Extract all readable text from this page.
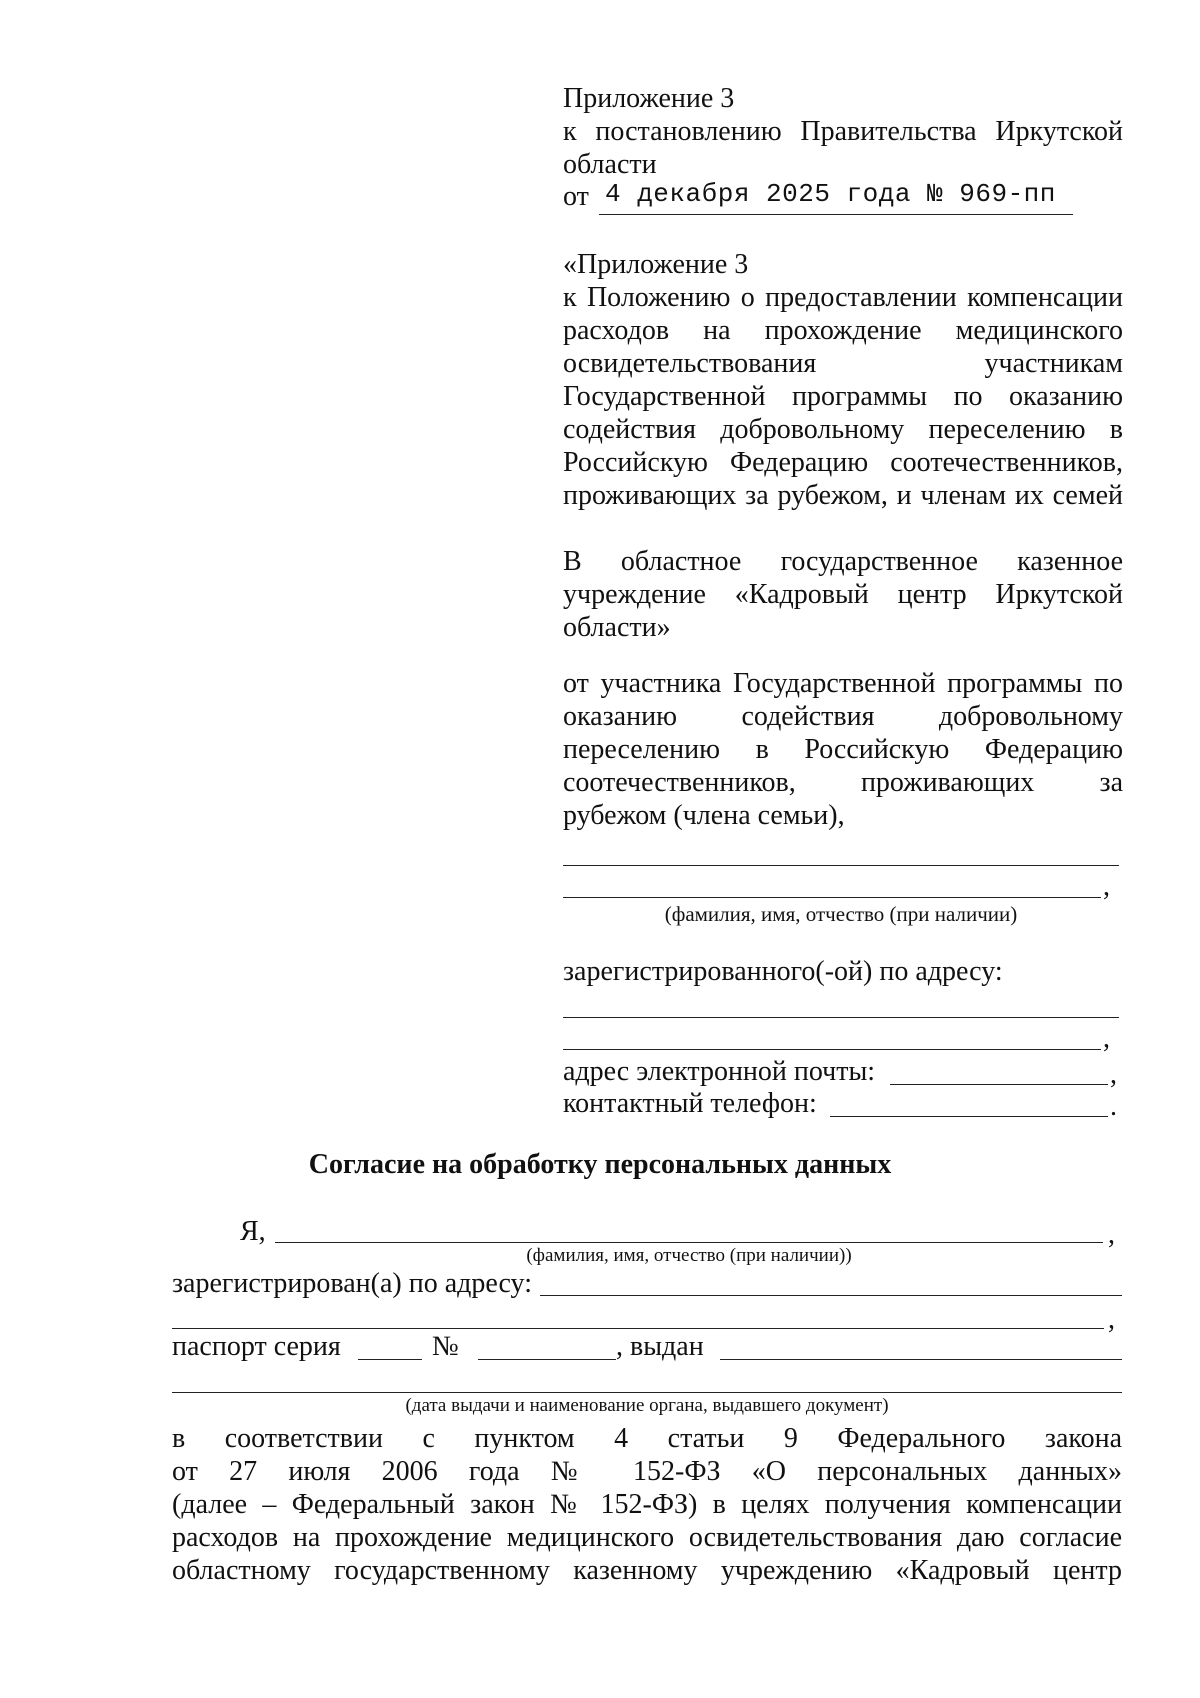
Приложение 3
к постановлению Правительства Иркутской
области
от 4 декабря 2025 года № 969-пп
«Приложение 3
к Положению о предоставлении компенсации
расходов на прохождение медицинского
освидетельствования участникам
Государственной программы по оказанию
содействия добровольному переселению в
Российскую Федерацию соотечественников,
проживающих за рубежом, и членам их семей
В областное государственное казенное
учреждение «Кадровый центр Иркутской
области»
от участника Государственной программы по
оказанию содействия добровольному
переселению в Российскую Федерацию
соотечественников, проживающих за
рубежом (члена семьи),
,
(фамилия, имя, отчество (при наличии)
зарегистрированного(-ой) по адресу:
,
адрес электронной почты:	,
контактный телефон:	.
Согласие на обработку персональных данных
Я,	,
(фамилия, имя, отчество (при наличии))
зарегистрирован(а) по адресу:
,
паспорт серия	№	, выдан
(дата выдачи и наименование органа, выдавшего документ)
в соответствии с пунктом 4 статьи 9 Федерального закона
от 27 июля 2006 года № 152-ФЗ «О персональных данных»
(далее – Федеральный закон № 152-ФЗ) в целях получения компенсации
расходов на прохождение медицинского освидетельствования даю согласие
областному государственному казенному учреждению «Кадровый центр
